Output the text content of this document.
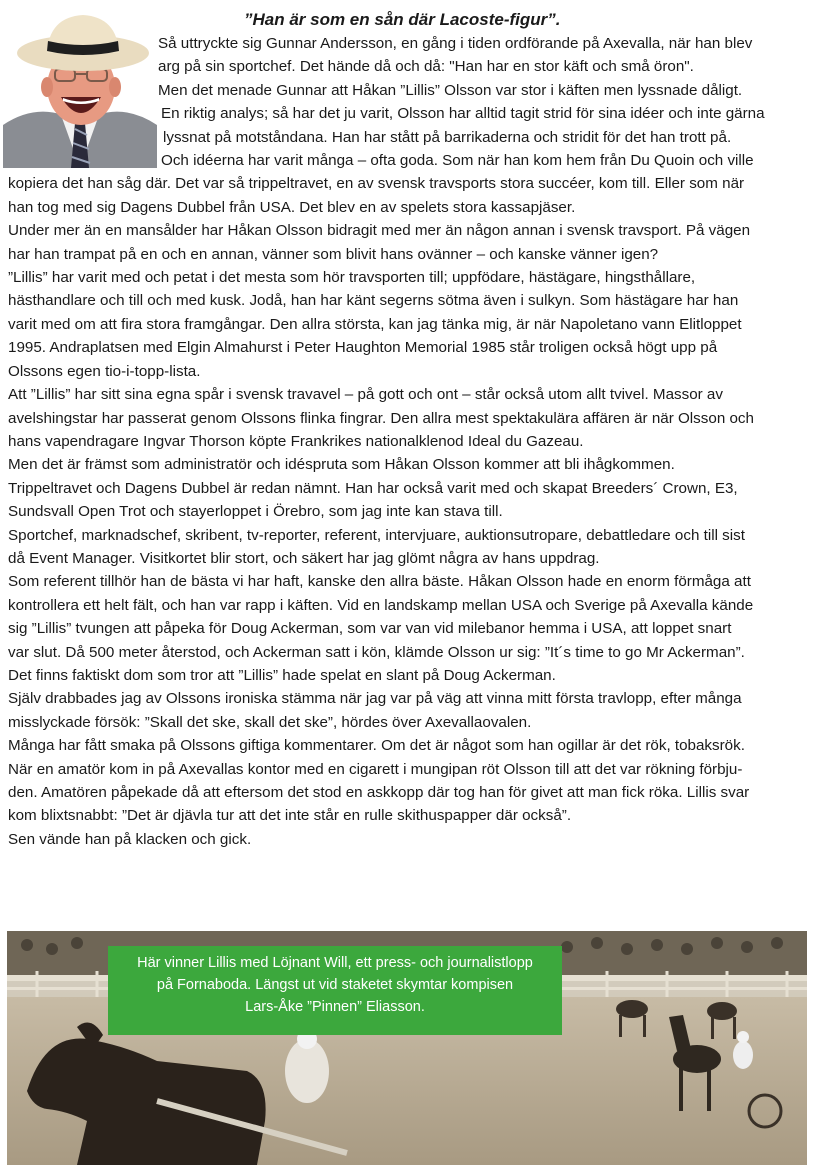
”Han är som en sån där Lacoste-figur”.
Så uttryckte sig Gunnar Andersson, en gång i tiden ordförande på Axevalla, när han blev
arg på sin sportchef. Det hände då och då: "Han har en stor käft och små öron".
Men det menade Gunnar att Håkan ”Lillis” Olsson var stor i käften men lyssnade dåligt.
En riktig analys; så har det ju varit, Olsson har alltid tagit strid för sina idéer och inte gärna
lyssnat på motståndana. Han har stått på barrikaderna och stridit för det han trott på.
Och idéerna har varit många – ofta goda. Som när han kom hem från Du Quoin och ville
kopiera det han såg där. Det var så trippeltravet, en av svensk travsports stora succéer, kom till. Eller som när
han tog med sig Dagens Dubbel från USA. Det blev en av spelets stora kassapjäser.
Under mer än en mansålder har Håkan Olsson bidragit med mer än någon annan i svensk travsport. På vägen
har han trampat på en och en annan, vänner som blivit hans ovänner – och kanske vänner igen?
”Lillis” har varit med och petat i det mesta som hör travsporten till; uppfödare, hästägare, hingsthållare,
hästhandlare och till och med kusk. Jodå, han har känt segerns sötma även i sulkyn. Som hästägare har han
varit med om att fira stora framgångar. Den allra största, kan jag tänka mig, är när Napoletano vann Elitloppet
1995. Andraplatsen med Elgin Almahurst i Peter Haughton Memorial 1985 står troligen också högt upp på
Olssons egen tio-i-topp-lista.
Att ”Lillis” har sitt sina egna spår i svensk travavel – på gott och ont – står också utom allt tvivel. Massor av
avelshingstar har passerat genom Olssons flinka fingrar. Den allra mest spektakulära affären är när Olsson och
hans vapendragare Ingvar Thorson köpte Frankrikes nationalklenod Ideal du Gazeau.
Men det är främst som administratör och idéspruta som Håkan Olsson kommer att bli ihågkommen.
Trippeltravet och Dagens Dubbel är redan nämnt. Han har också varit med och skapat Breeders´ Crown, E3,
Sundsvall Open Trot och stayerloppet i Örebro, som jag inte kan stava till.
Sportchef, marknadschef, skribent, tv-reporter, referent, intervjuare, auktionsutropare, debattledare och till sist
då Event Manager. Visitkortet blir stort, och säkert har jag glömt några av hans uppdrag.
Som referent tillhör han de bästa vi har haft, kanske den allra bäste. Håkan Olsson hade en enorm förmåga att
kontrollera ett helt fält, och han var rapp i käften. Vid en landskamp mellan USA och Sverige på Axevalla kände
sig ”Lillis” tvungen att påpeka för Doug Ackerman, som var van vid milebanor hemma i USA, att loppet snart
var slut. Då 500 meter återstod, och Ackerman satt i kön, klämde Olsson ur sig: ”It´s time to go Mr Ackerman”.
Det finns faktiskt dom som tror att ”Lillis” hade spelat en slant på Doug Ackerman.
Själv drabbades jag av Olssons ironiska stämma när jag var på väg att vinna mitt första travlopp, efter många
misslyckade försök: ”Skall det ske, skall det ske”, hördes över Axevallaovalen.
Många har fått smaka på Olssons giftiga kommentarer. Om det är något som han ogillar är det rök, tobaksrök.
När en amatör kom in på Axevallas kontor med en cigarett i mungipan röt Olsson till att det var rökning förbju-
den. Amatören påpekade då att eftersom det stod en askkopp där tog han för givet att man fick röka. Lillis svar
kom blixtsnabbt: ”Det är djävla tur att det inte står en rulle skithuspapper där också”.
Sen vände han på klacken och gick.
Här vinner Lillis med Löjnant Will, ett press- och journalistlopp
på Fornaboda. Längst ut vid staketet skymtar kompisen
Lars-Åke ”Pinnen” Eliasson.
